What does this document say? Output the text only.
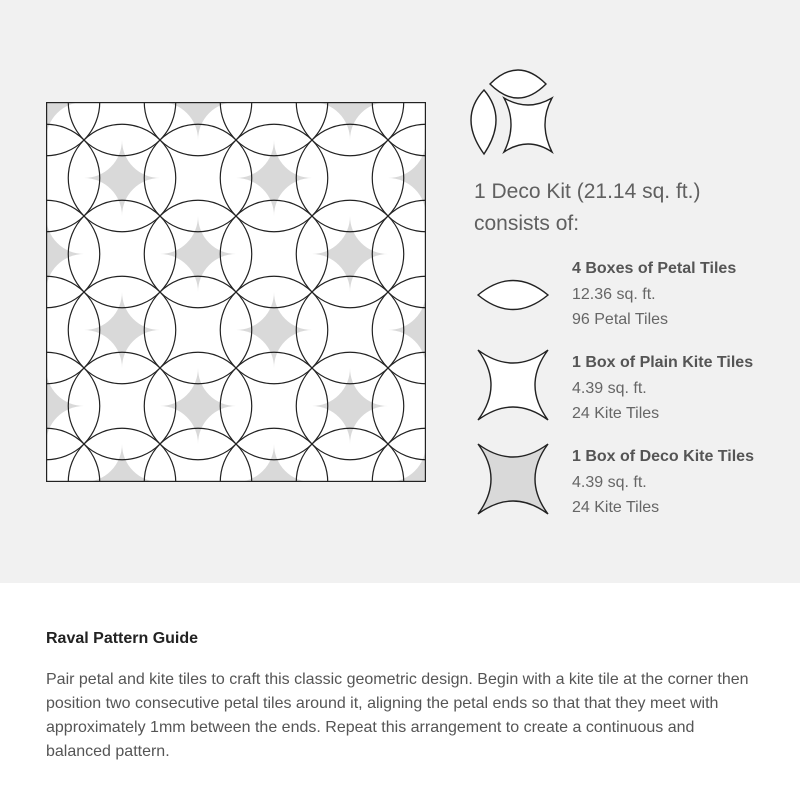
1 Deco Kit (21.14 sq. ft.)
consists of:
4 Boxes of Petal Tiles
12.36 sq. ft.
96 Petal Tiles
1 Box of Plain Kite Tiles
4.39 sq. ft.
24 Kite Tiles
1 Box of Deco Kite Tiles
4.39 sq. ft.
24 Kite Tiles
Raval Pattern Guide
Pair petal and kite tiles to craft this classic geometric design. Begin with a kite tile at the corner then position two consecutive petal tiles around it, aligning the petal ends so that that they meet with approximately 1mm between the ends. Repeat this arrangement to create a continuous and balanced pattern.
